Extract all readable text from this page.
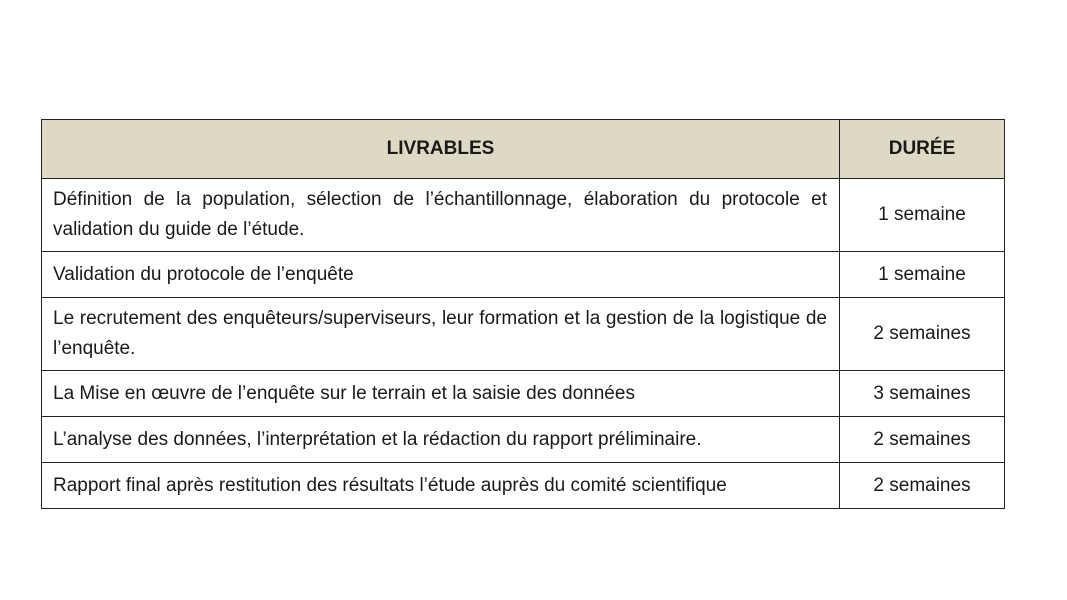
LIVRABLES	DURÉE
Définition de la population, sélection de l’échantillonnage, élaboration du protocole et validation du guide de l’étude.	1 semaine
Validation du protocole de l’enquête	1 semaine
Le recrutement des enquêteurs/superviseurs, leur formation et la gestion de la logistique de l’enquête.	2 semaines
La Mise en œuvre de l’enquête sur le terrain et la saisie des données	3 semaines
L’analyse des données, l’interprétation et la rédaction du rapport préliminaire.	2 semaines
Rapport final après restitution des résultats l’étude auprès du comité scientifique	2 semaines
